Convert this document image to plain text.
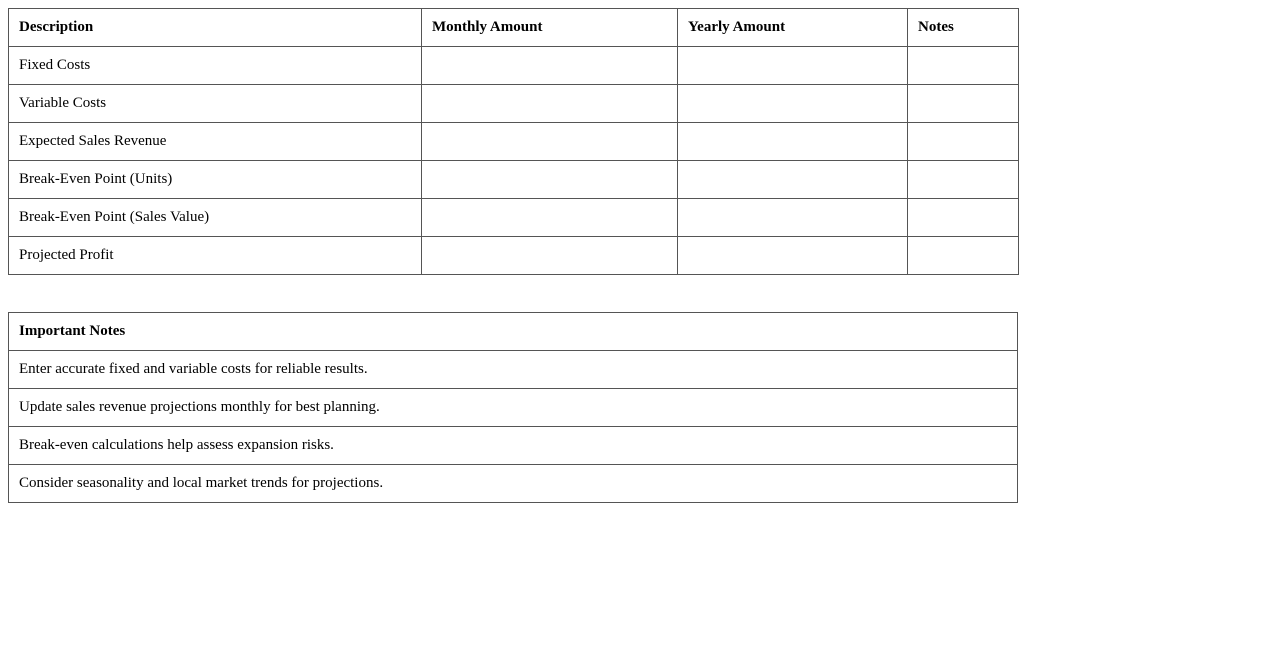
Description	Monthly Amount	Yearly Amount	Notes
Fixed Costs			
Variable Costs			
Expected Sales Revenue			
Break-Even Point (Units)			
Break-Even Point (Sales Value)			
Projected Profit			
Important Notes
Enter accurate fixed and variable costs for reliable results.
Update sales revenue projections monthly for best planning.
Break-even calculations help assess expansion risks.
Consider seasonality and local market trends for projections.
